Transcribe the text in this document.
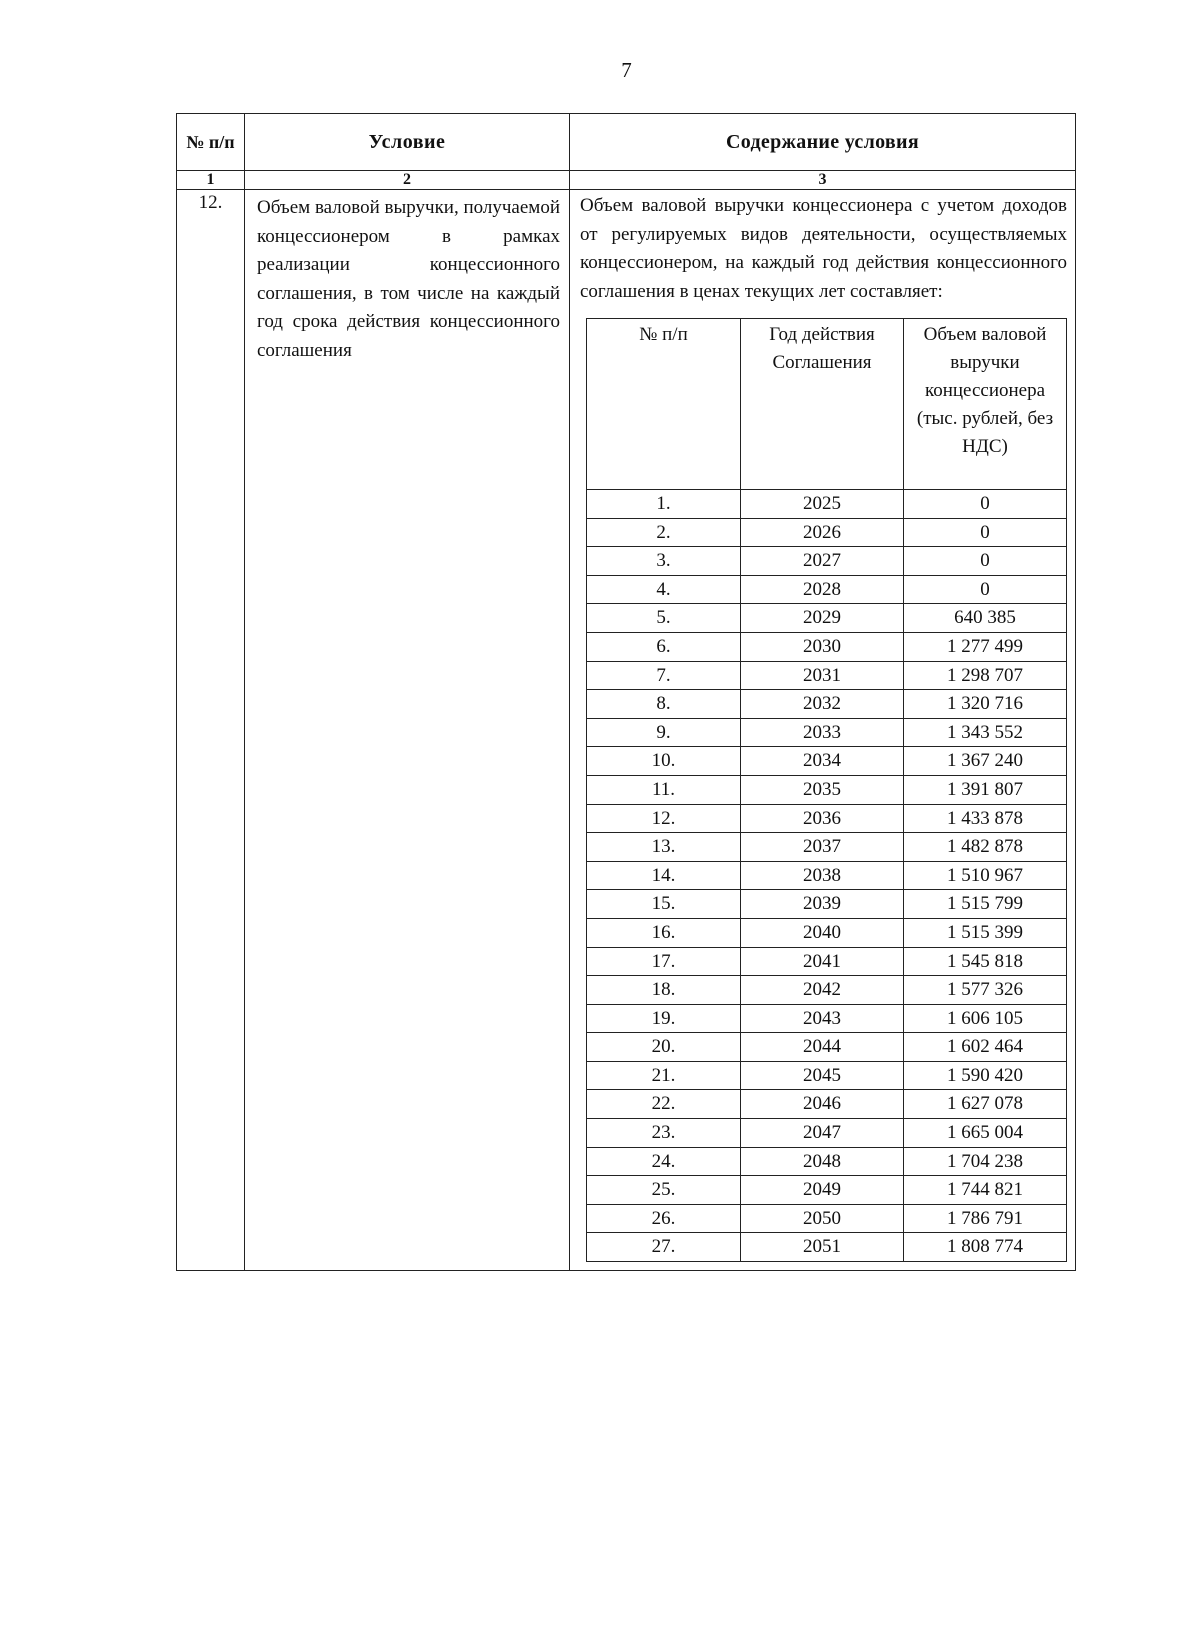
7
№ п/п	Условие	Содержание условия
1	2	3
12.	Объем валовой выручки, получаемой концессионером в рамках реализации концессионного соглашения, в том числе на каждый год срока действия концессионного соглашения	

Объем валовой выручки концессионера с учетом доходов от регулируемых видов деятельности, осуществляемых концессионером, на каждый год действия концессионного соглашения в ценах текущих лет составляет:

№ п/п	Год действия Соглашения	Объем валовой выручки концессионера (тыс. рублей, без НДС)
1.	2025	0
2.	2026	0
3.	2027	0
4.	2028	0
5.	2029	640 385
6.	2030	1 277 499
7.	2031	1 298 707
8.	2032	1 320 716
9.	2033	1 343 552
10.	2034	1 367 240
11.	2035	1 391 807
12.	2036	1 433 878
13.	2037	1 482 878
14.	2038	1 510 967
15.	2039	1 515 799
16.	2040	1 515 399
17.	2041	1 545 818
18.	2042	1 577 326
19.	2043	1 606 105
20.	2044	1 602 464
21.	2045	1 590 420
22.	2046	1 627 078
23.	2047	1 665 004
24.	2048	1 704 238
25.	2049	1 744 821
26.	2050	1 786 791
27.	2051	1 808 774
